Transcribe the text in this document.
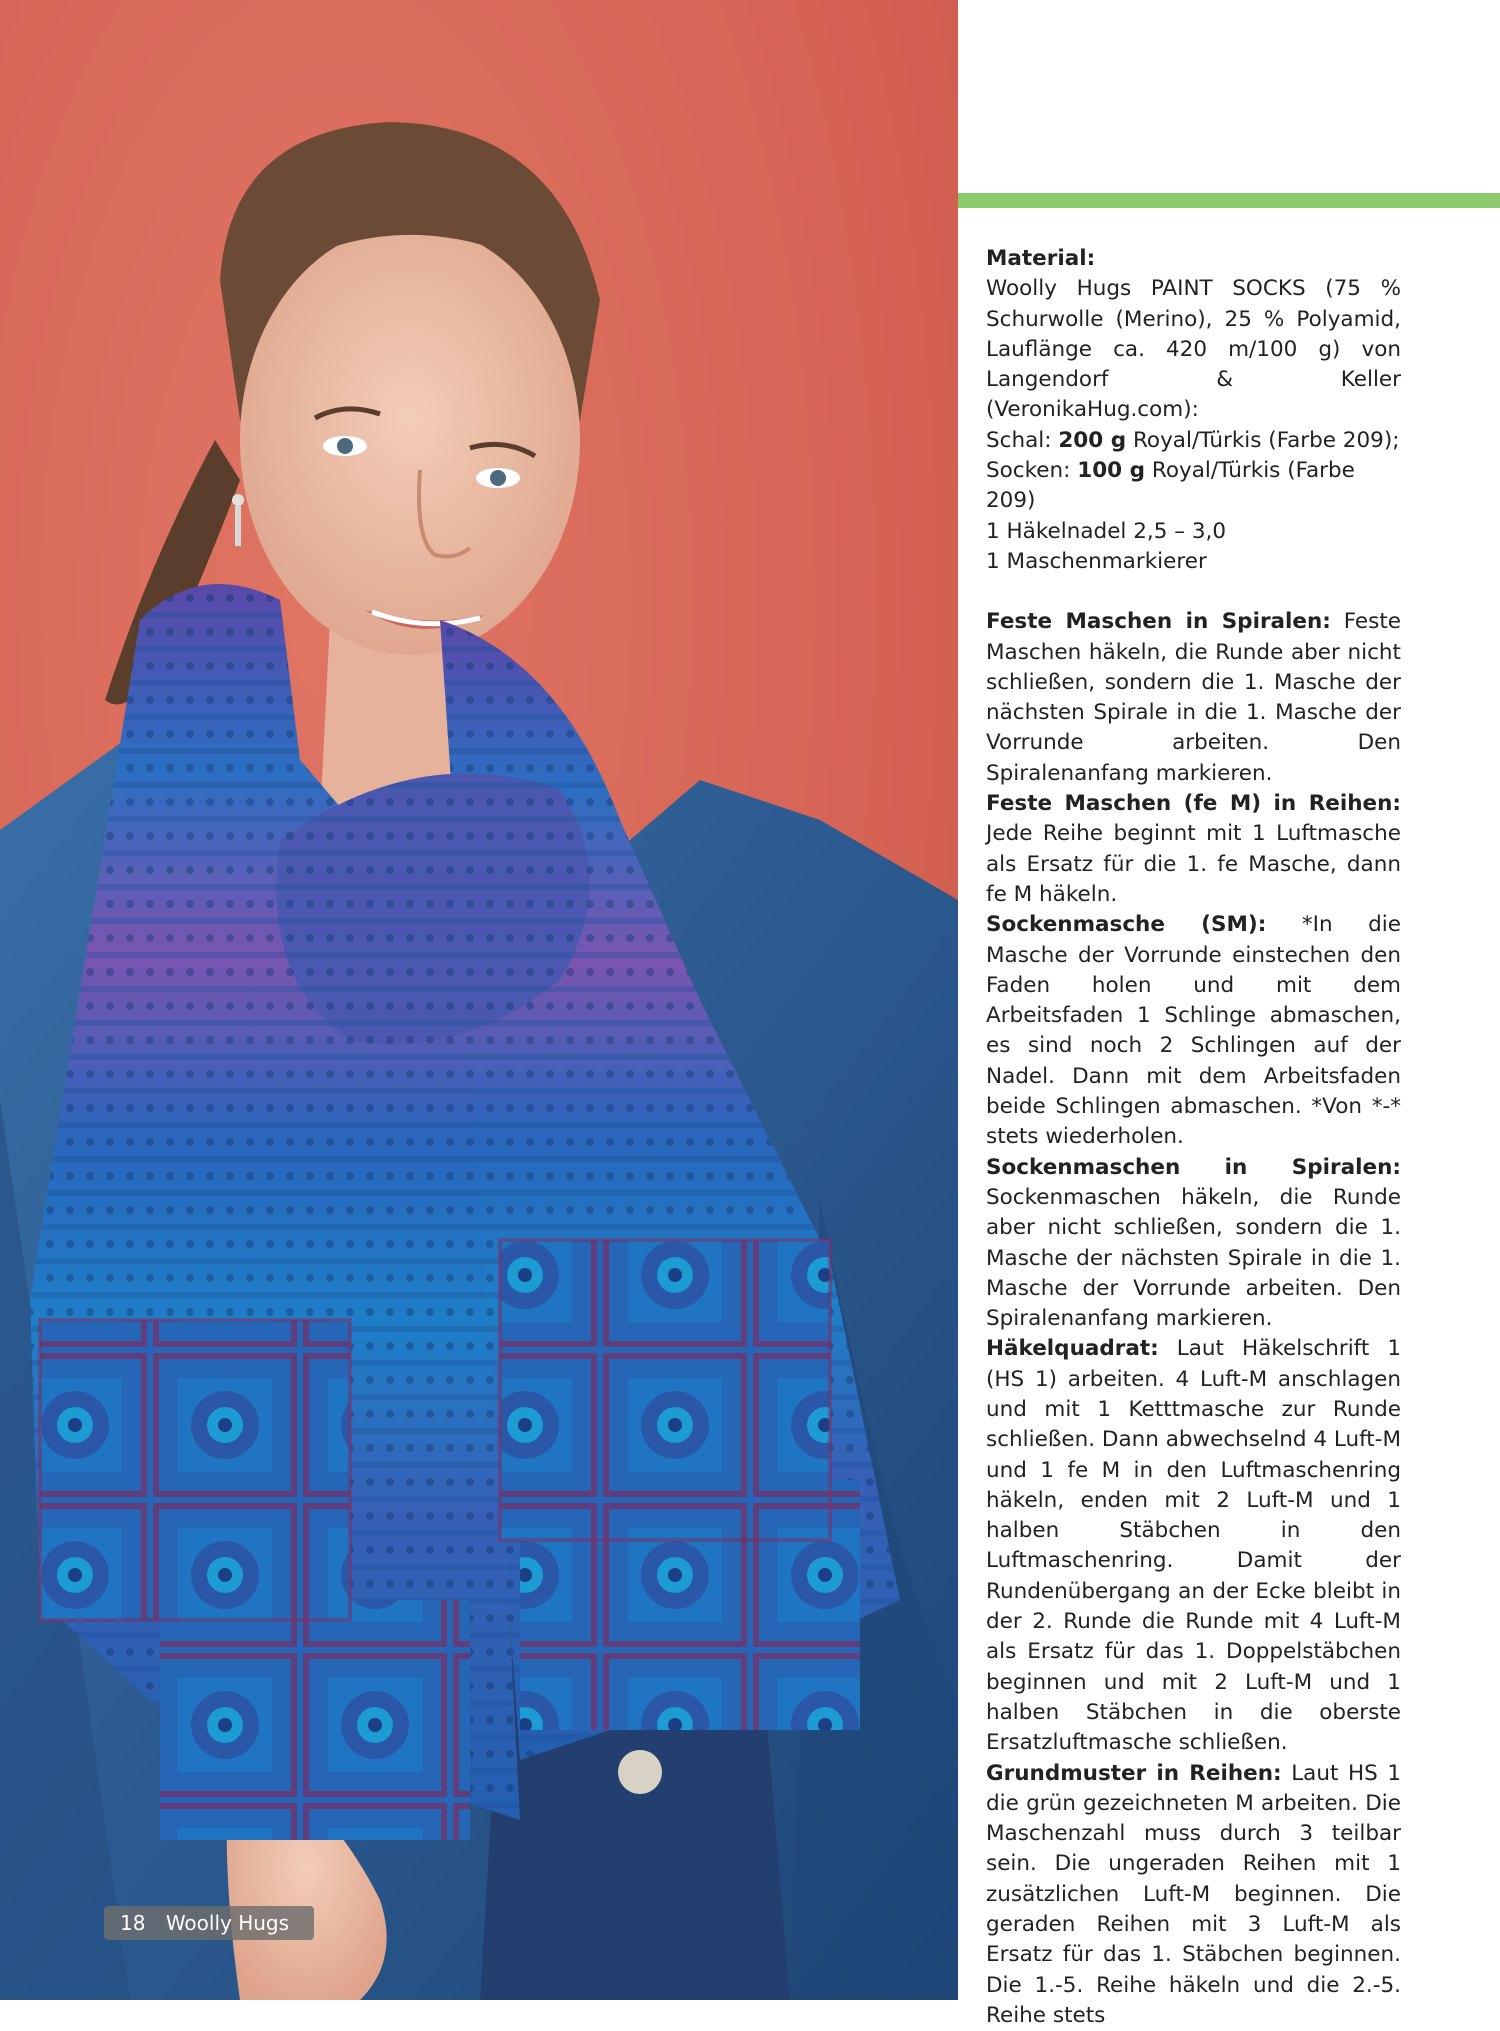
18 Woolly Hugs

Material:

Woolly Hugs PAINT SOCKS (75 % Schurwolle (Merino), 25 % Polyamid, Lauflänge ca. 420 m/100 g) von Langendorf & Keller (VeronikaHug.com):

Schal: 200 g Royal/Türkis (Farbe 209);

Socken: 100 g Royal/Türkis (Farbe 209)

1 Häkelnadel 2,5 – 3,0

1 Maschenmarkierer

Feste Maschen in Spiralen: Feste Maschen häkeln, die Runde aber nicht schließen, sondern die 1. Masche der nächsten Spirale in die 1. Masche der Vorrunde arbeiten. Den Spiralenanfang markieren.

Feste Maschen (fe M) in Reihen: Jede Reihe beginnt mit 1 Luftmasche als Ersatz für die 1. fe Masche, dann fe M häkeln.

Sockenmasche (SM): *In die Masche der Vorrunde einstechen den Faden holen und mit dem Arbeitsfaden 1 Schlinge abmaschen, es sind noch 2 Schlingen auf der Nadel. Dann mit dem Arbeitsfaden beide Schlingen abmaschen. *Von *-* stets wiederholen.

Sockenmaschen in Spiralen: Sockenmaschen häkeln, die Runde aber nicht schließen, sondern die 1. Masche der nächsten Spirale in die 1. Masche der Vorrunde arbeiten. Den Spiralenanfang markieren.

Häkelquadrat: Laut Häkelschrift 1 (HS 1) arbeiten. 4 Luft-M anschlagen und mit 1 Ketttmasche zur Runde schließen. Dann abwechselnd 4 Luft-M und 1 fe M in den Luftmaschenring häkeln, enden mit 2 Luft-M und 1 halben Stäbchen in den Luftmaschenring. Damit der Rundenübergang an der Ecke bleibt in der 2. Runde die Runde mit 4 Luft-M als Ersatz für das 1. Doppelstäbchen beginnen und mit 2 Luft-M und 1 halben Stäbchen in die oberste Ersatzluftmasche schließen.

Grundmuster in Reihen: Laut HS 1 die grün gezeichneten M arbeiten. Die Maschenzahl muss durch 3 teilbar sein. Die ungeraden Reihen mit 1 zusätzlichen Luft-M beginnen. Die geraden Reihen mit 3 Luft-M als Ersatz für das 1. Stäbchen beginnen. Die 1.-5. Reihe häkeln und die 2.-5. Reihe stets
